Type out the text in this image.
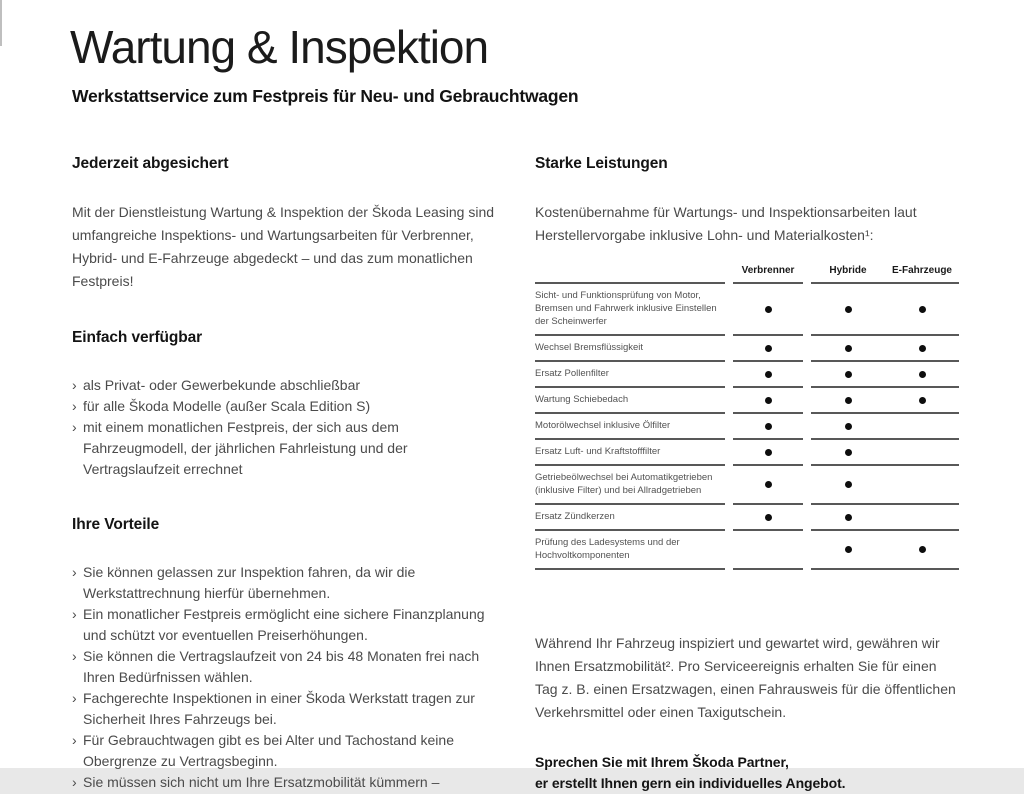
Wartung & Inspektion
Werkstattservice zum Festpreis für Neu- und Gebrauchtwagen
Jederzeit abgesichert

Mit der Dienstleistung Wartung & Inspektion der Škoda Leasing sind umfangreiche Inspektions- und Wartungsarbeiten für Verbrenner, Hybrid- und E-Fahrzeuge abgedeckt – und das zum monatlichen Festpreis!

Einfach verfügbar
› als Privat- oder Gewerbekunde abschließbar
› für alle Škoda Modelle (außer Scala Edition S)
› mit einem monatlichen Festpreis, der sich aus dem Fahrzeugmodell, der jährlichen Fahrleistung und der Vertragslaufzeit errechnet
Ihre Vorteile
› Sie können gelassen zur Inspektion fahren, da wir die Werkstattrechnung hierfür übernehmen.
› Ein monatlicher Festpreis ermöglicht eine sichere Finanzplanung und schützt vor eventuellen Preiserhöhungen.
› Sie können die Vertragslaufzeit von 24 bis 48 Monaten frei nach Ihren Bedürfnissen wählen.
› Fachgerechte Inspektionen in einer Škoda Werkstatt tragen zur Sicherheit Ihres Fahrzeugs bei.
› Für Gebrauchtwagen gibt es bei Alter und Tachostand keine Obergrenze zu Vertragsbeginn.
› Sie müssen sich nicht um Ihre Ersatzmobilität kümmern –
Starke Leistungen

Kostenübernahme für Wartungs- und Inspektionsarbeiten laut Herstellervorgabe inklusive Lohn- und Materialkosten¹:

Verbrenner	Hybride	E-Fahrzeuge
Sicht- und Funktionsprüfung von Motor, Bremsen und Fahrwerk inklusive Einstellen der Scheinwerfer
Wechsel Bremsflüssigkeit
Ersatz Pollenfilter
Wartung Schiebedach
Motorölwechsel inklusive Ölfilter
Ersatz Luft- und Kraftstofffilter
Getriebeölwechsel bei Automatikgetrieben (inklusive Filter) und bei Allradgetrieben
Ersatz Zündkerzen
Prüfung des Ladesystems und der Hochvoltkomponenten

Während Ihr Fahrzeug inspiziert und gewartet wird, gewähren wir Ihnen Ersatzmobilität². Pro Serviceereignis erhalten Sie für einen Tag z. B. einen Ersatzwagen, einen Fahrausweis für die öffentlichen Verkehrsmittel oder einen Taxigutschein.

Sprechen Sie mit Ihrem Škoda Partner,
er erstellt Ihnen gern ein individuelles Angebot.
